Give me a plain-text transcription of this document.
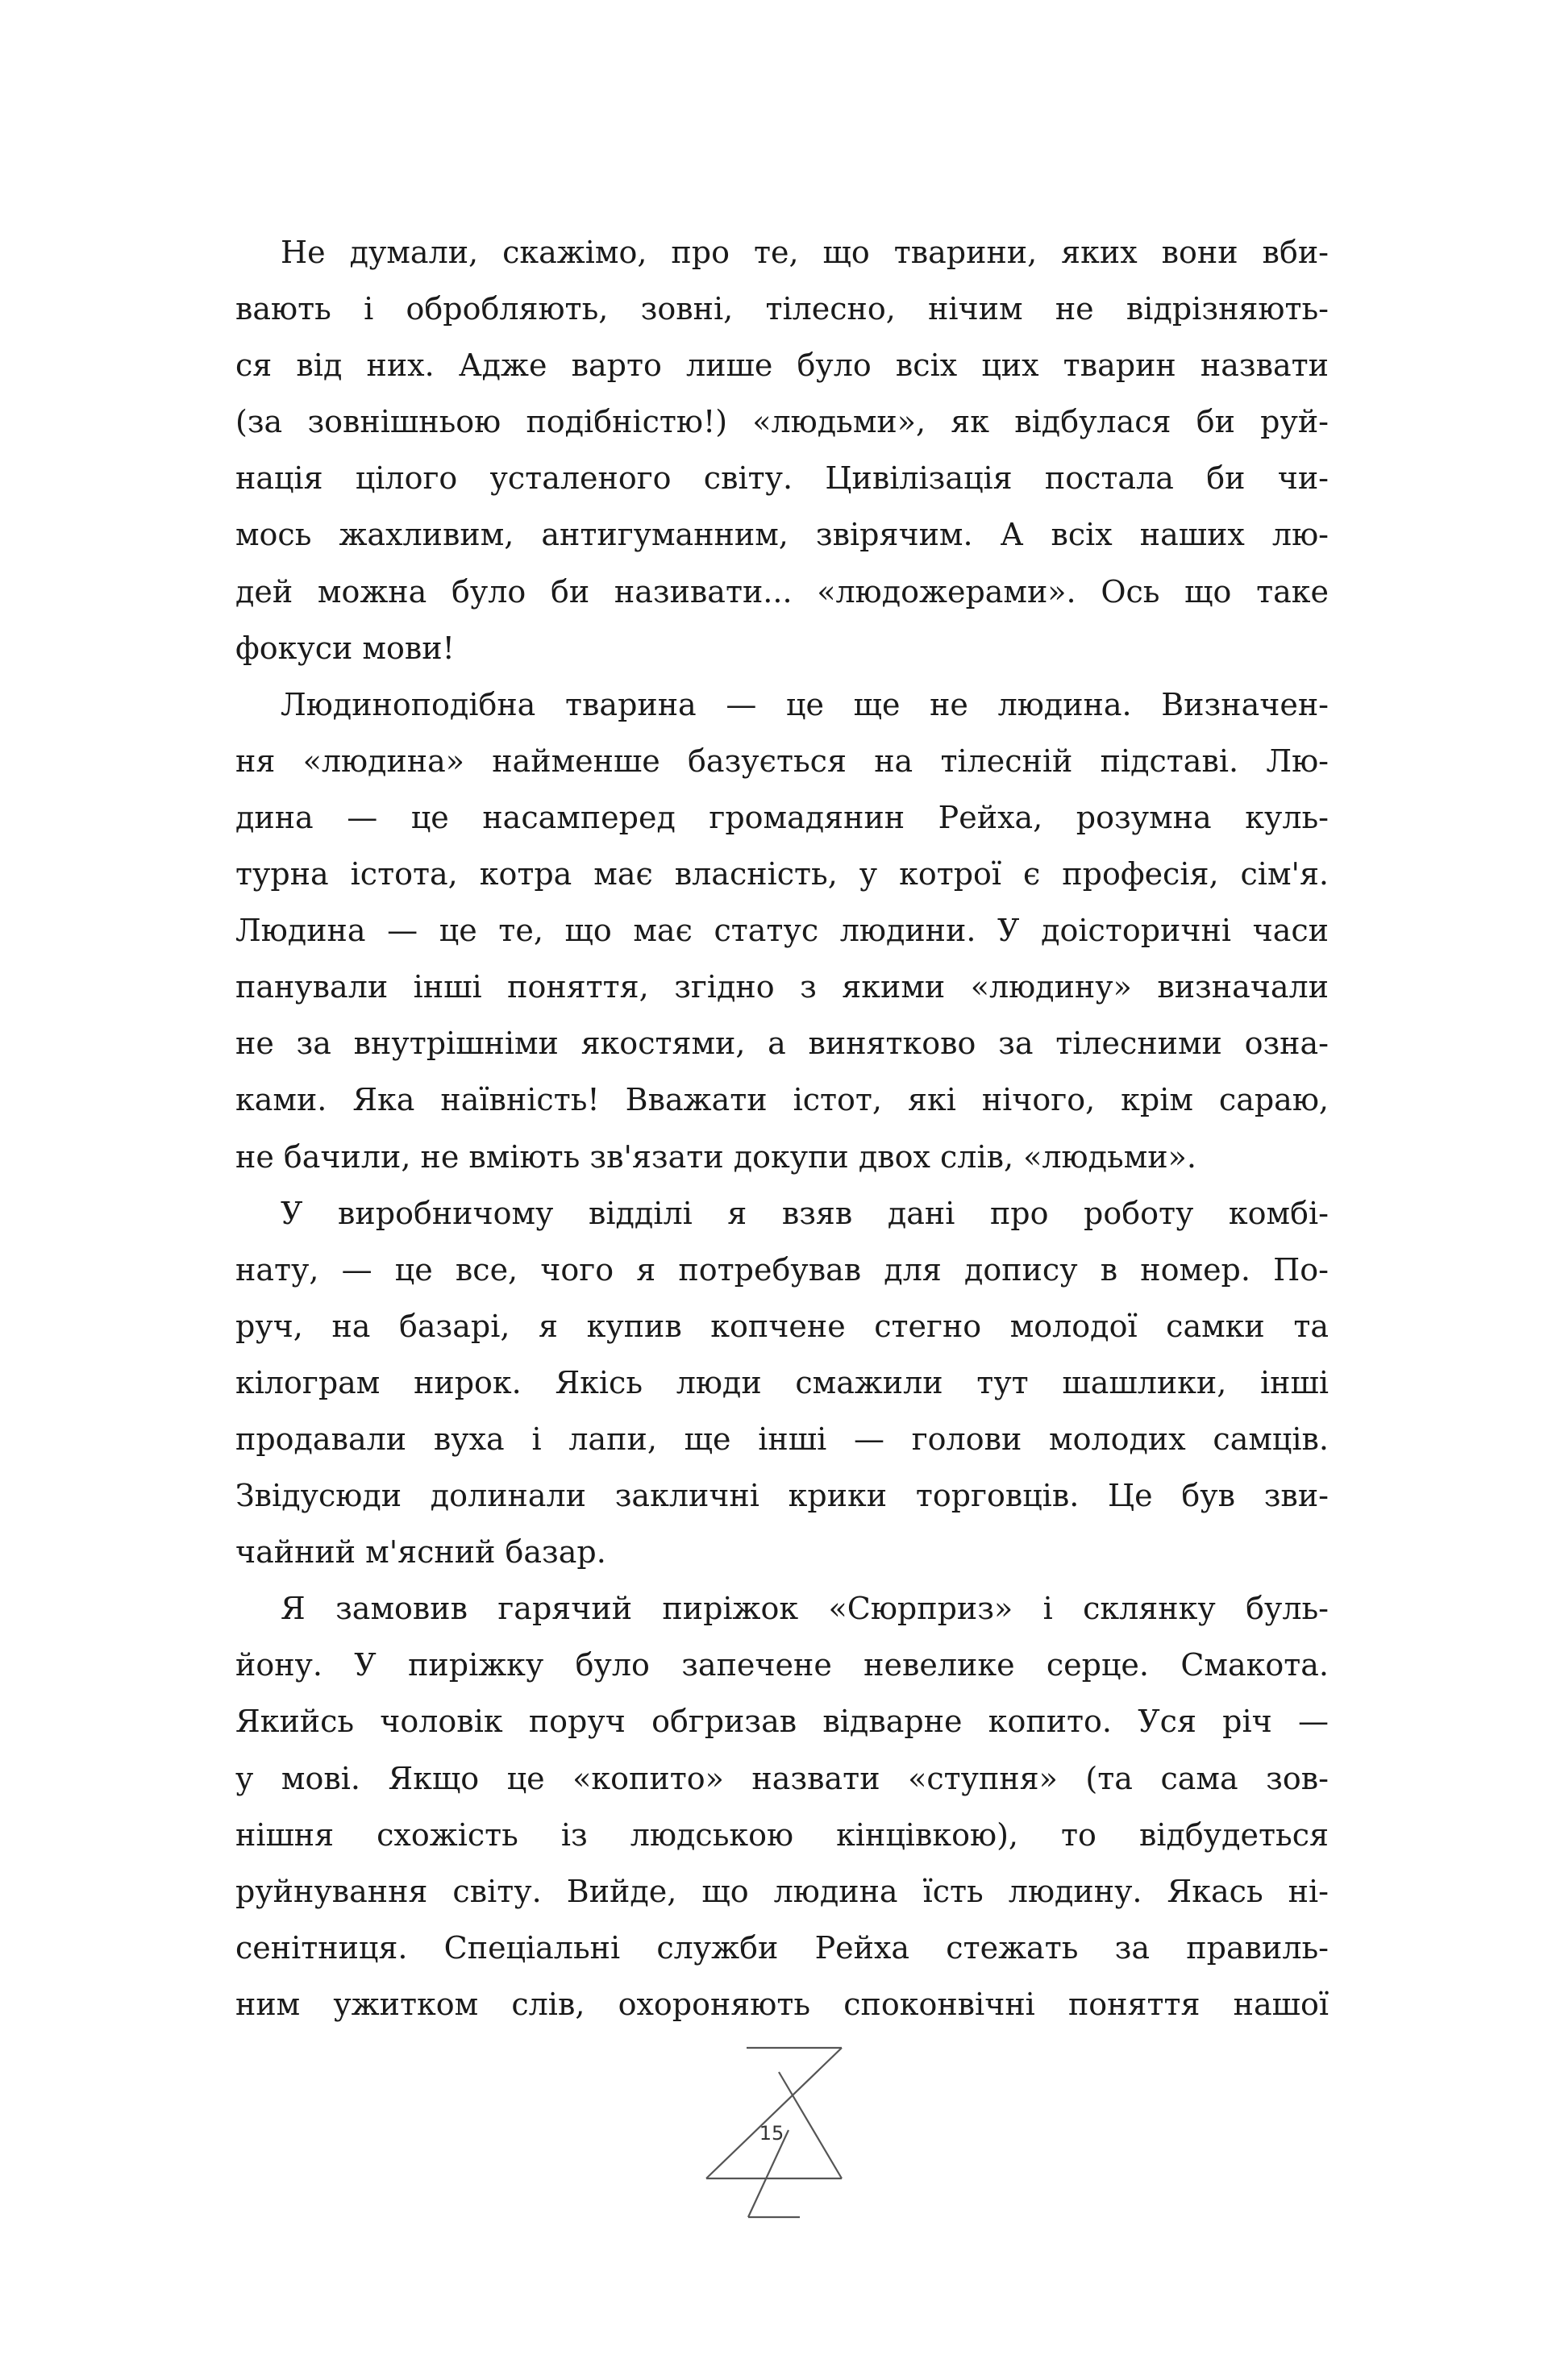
Не думали, скажімо, про те, що тварини, яких вони вби-
вають і обробляють, зовні, тілесно, нічим не відрізняють-
ся від них. Адже варто лише було всіх цих тварин назвати
(за зовнішньою подібністю!) «людьми», як відбулася би руй-
нація цілого усталеного світу. Цивілізація постала би чи-
мось жахливим, антигуманним, звірячим. А всіх наших лю-
дей можна було би називати... «людожерами». Ось що таке
фокуси мови!
Людиноподібна тварина — це ще не людина. Визначен-
ня «людина» найменше базується на тілесній підставі. Лю-
дина — це насамперед громадянин Рейха, розумна куль-
турна істота, котра має власність, у котрої є професія, сім'я.
Людина — це те, що має статус людини. У доісторичні часи
панували інші поняття, згідно з якими «людину» визначали
не за внутрішніми якостями, а винятково за тілесними озна-
ками. Яка наївність! Вважати істот, які нічого, крім сараю,
не бачили, не вміють зв'язати докупи двох слів, «людьми».
У виробничому відділі я взяв дані про роботу комбі-
нату, — це все, чого я потребував для допису в номер. По-
руч, на базарі, я купив копчене стегно молодої самки та
кілограм нирок. Якісь люди смажили тут шашлики, інші
продавали вуха і лапи, ще інші — голови молодих самців.
Звідусюди долинали закличні крики торговців. Це був зви-
чайний м'ясний базар.
Я замовив гарячий пиріжок «Сюрприз» і склянку буль-
йону. У пиріжку було запечене невелике серце. Смакота.
Якийсь чоловік поруч обгризав відварне копито. Уся річ —
у мові. Якщо це «копито» назвати «ступня» (та сама зов-
нішня схожість із людською кінцівкою), то відбудеться
руйнування світу. Вийде, що людина їсть людину. Якась ні-
сенітниця. Спеціальні служби Рейха стежать за правиль-
ним ужитком слів, охороняють споконвічні поняття нашої
15
